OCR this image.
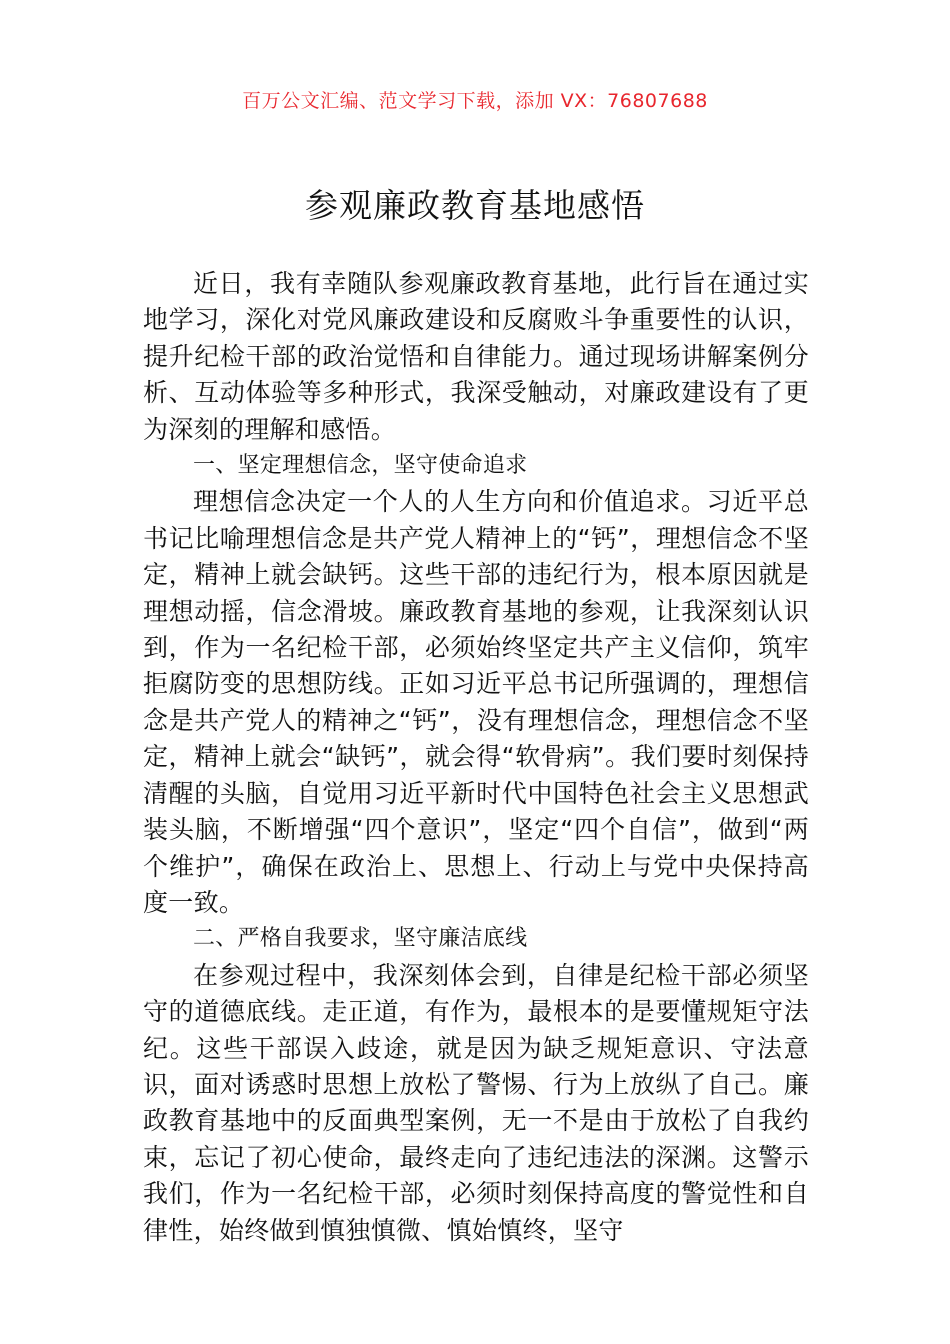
百万公文汇编、范文学习下载，添加 VX：76807688
参观廉政教育基地感悟

近日，我有幸随队参观廉政教育基地，此行旨在通过实地学习，深化对党风廉政建设和反腐败斗争重要性的认识，提升纪检干部的政治觉悟和自律能力。通过现场讲解案例分析、互动体验等多种形式，我深受触动，对廉政建设有了更为深刻的理解和感悟。

一、坚定理想信念，坚守使命追求

理想信念决定一个人的人生方向和价值追求。习近平总书记比喻理想信念是共产党人精神上的“钙”，理想信念不坚定，精神上就会缺钙。这些干部的违纪行为，根本原因就是理想动摇，信念滑坡。廉政教育基地的参观，让我深刻认识到，作为一名纪检干部，必须始终坚定共产主义信仰，筑牢拒腐防变的思想防线。正如习近平总书记所强调的，理想信念是共产党人的精神之“钙”，没有理想信念，理想信念不坚定，精神上就会“缺钙”，就会得“软骨病”。我们要时刻保持清醒的头脑，自觉用习近平新时代中国特色社会主义思想武装头脑，不断增强“四个意识”，坚定“四个自信”，做到“两个维护”，确保在政治上、思想上、行动上与党中央保持高度一致。

二、严格自我要求，坚守廉洁底线

在参观过程中，我深刻体会到，自律是纪检干部必须坚守的道德底线。走正道，有作为，最根本的是要懂规矩守法纪。这些干部误入歧途，就是因为缺乏规矩意识、守法意识，面对诱惑时思想上放松了警惕、行为上放纵了自己。廉政教育基地中的反面典型案例，无一不是由于放松了自我约束，忘记了初心使命，最终走向了违纪违法的深渊。这警示我们，作为一名纪检干部，必须时刻保持高度的警觉性和自律性，始终做到慎独慎微、慎始慎终，坚守
